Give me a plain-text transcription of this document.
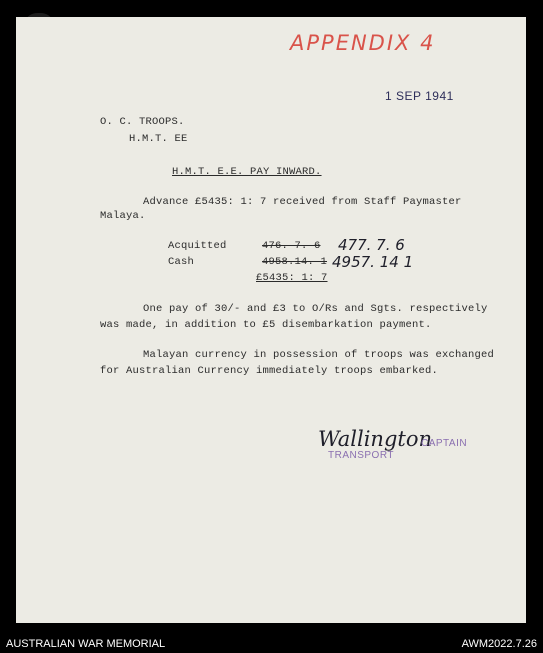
APPENDIX 4
1 SEP 1941
O. C. TROOPS.
H.M.T. EE
H.M.T. E.E. PAY INWARD.
Advance £5435: 1: 7 received from Staff Paymaster
Malaya.
Acquitted	476. 7. 6 477. 7. 6
Cash	4958.14. 1 4957. 14 1
£5435: 1: 7
One pay of 30/- and £3 to O/Rs and Sgts. respectively
was made, in addition to £5 disembarkation payment.
Malayan currency in possession of troops was exchanged
for Australian Currency immediately troops embarked.
Wallington
CAPTAIN
TRANSPORT
AUSTRALIAN WAR MEMORIAL	AWM2022.7.26
